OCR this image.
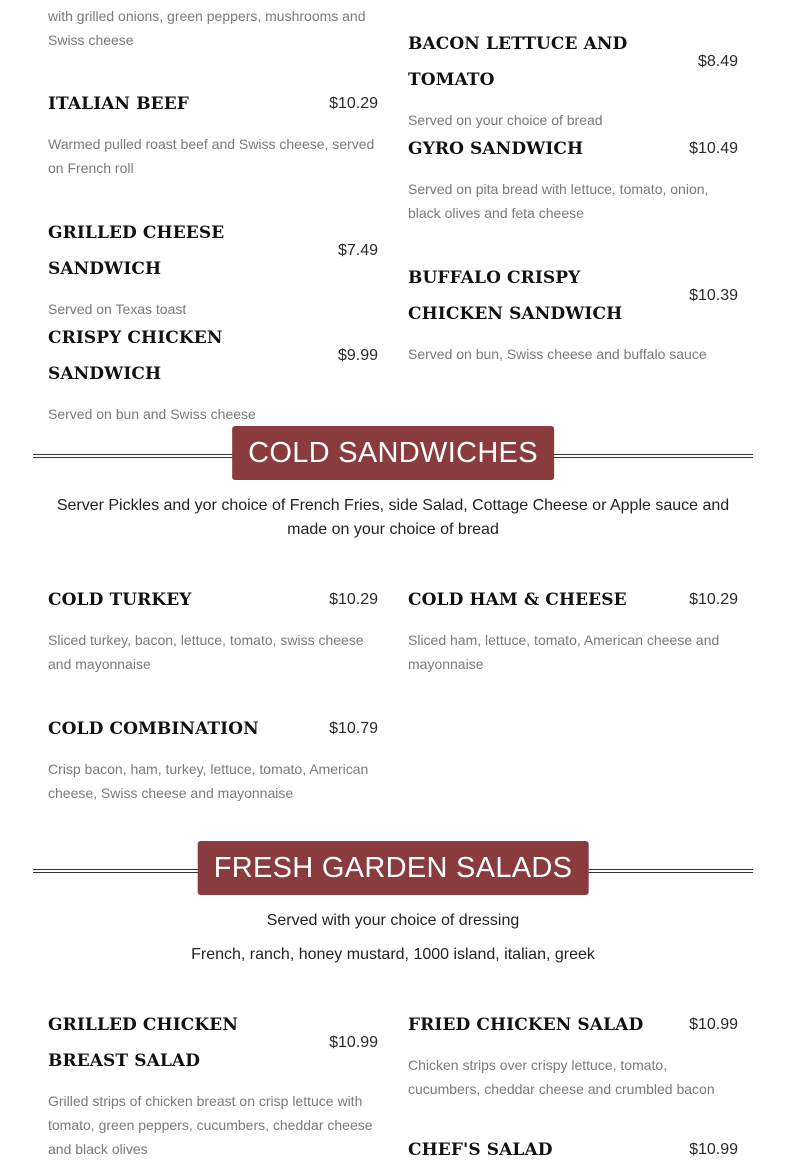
with grilled onions, green peppers, mushrooms and Swiss cheese	BACON LETTUCE AND TOMATO
$8.49
Served on your choice of bread
ITALIAN BEEF	$10.29
Warmed pulled roast beef and Swiss cheese, served on French roll
GYRO SANDWICH	$10.49
Served on pita bread with lettuce, tomato, onion, black olives and feta cheese
GRILLED CHEESE SANDWICH
$7.49
Served on Texas toast
BUFFALO CRISPY CHICKEN SANDWICH
$10.39
Served on bun, Swiss cheese and buffalo sauce
CRISPY CHICKEN SANDWICH
$9.99
Served on bun and Swiss cheese
COLD SANDWICHES
Server Pickles and yor choice of French Fries, side Salad, Cottage Cheese or Apple sauce and made on your choice of bread
COLD TURKEY	$10.29
Sliced turkey, bacon, lettuce, tomato, swiss cheese and mayonnaise
COLD HAM & CHEESE	$10.29
Sliced ham, lettuce, tomato, American cheese and mayonnaise
COLD COMBINATION	$10.79
Crisp bacon, ham, turkey, lettuce, tomato, American cheese, Swiss cheese and mayonnaise
FRESH GARDEN SALADS
Served with your choice of dressing
French, ranch, honey mustard, 1000 island, italian, greek
GRILLED CHICKEN BREAST SALAD
$10.99
Grilled strips of chicken breast on crisp lettuce with tomato, green peppers, cucumbers, cheddar cheese and black olives
FRIED CHICKEN SALAD	$10.99
Chicken strips over crispy lettuce, tomato, cucumbers, cheddar cheese and crumbled bacon
CHEF'S SALAD	$10.99
